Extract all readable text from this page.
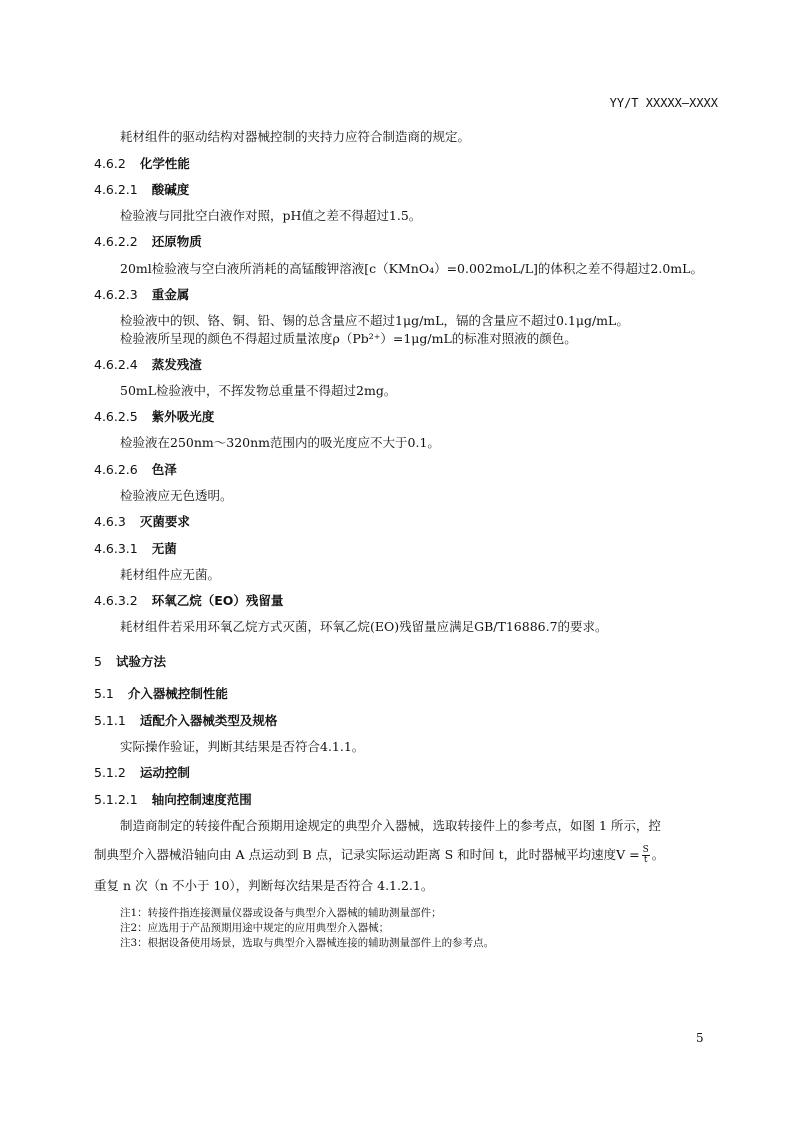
YY/T XXXXX—XXXX
耗材组件的驱动结构对器械控制的夹持力应符合制造商的规定。
4.6.2 化学性能
4.6.2.1 酸碱度
检验液与同批空白液作对照，pH值之差不得超过1.5。
4.6.2.2 还原物质
20ml检验液与空白液所消耗的高锰酸钾溶液[c（KMnO₄）=0.002moL/L]的体积之差不得超过2.0mL。
4.6.2.3 重金属
检验液中的钡、铬、铜、铅、锡的总含量应不超过1μg/mL，镉的含量应不超过0.1μg/mL。
检验液所呈现的颜色不得超过质量浓度ρ（Pb²⁺）=1μg/mL的标准对照液的颜色。
4.6.2.4 蒸发残渣
50mL检验液中，不挥发物总重量不得超过2mg。
4.6.2.5 紫外吸光度
检验液在250nm～320nm范围内的吸光度应不大于0.1。
4.6.2.6 色泽
检验液应无色透明。
4.6.3 灭菌要求
4.6.3.1 无菌
耗材组件应无菌。
4.6.3.2 环氧乙烷（EO）残留量
耗材组件若采用环氧乙烷方式灭菌，环氧乙烷(EO)残留量应满足GB/T16886.7的要求。
5 试验方法
5.1 介入器械控制性能
5.1.1 适配介入器械类型及规格
实际操作验证，判断其结果是否符合4.1.1。
5.1.2 运动控制
5.1.2.1 轴向控制速度范围
制造商制定的转接件配合预期用途规定的典型介入器械，选取转接件上的参考点，如图 1 所示，控
制典型介入器械沿轴向由 A 点运动到 B 点，记录实际运动距离 S 和时间 t，此时器械平均速度$V = \frac{S}{t}$ 。
重复 n 次（n 不小于 10），判断每次结果是否符合 4.1.2.1。
注1：转接件指连接测量仪器或设备与典型介入器械的辅助测量部件；
注2：应选用于产品预期用途中规定的应用典型介入器械；
注3：根据设备使用场景，选取与典型介入器械连接的辅助测量部件上的参考点。
5
